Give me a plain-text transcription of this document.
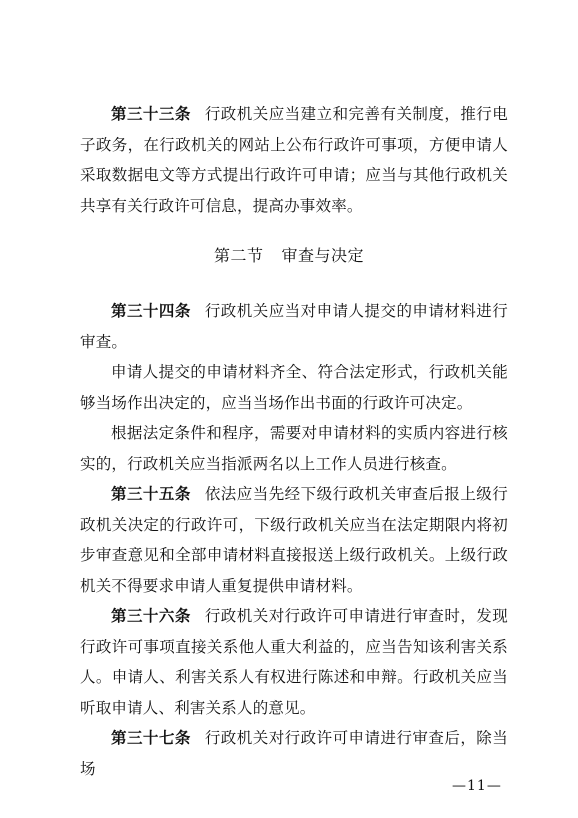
第三十三条 行政机关应当建立和完善有关制度，推行电子政务，在行政机关的网站上公布行政许可事项，方便申请人采取数据电文等方式提出行政许可申请；应当与其他行政机关共享有关行政许可信息，提高办事效率。

第二节 审查与决定

第三十四条 行政机关应当对申请人提交的申请材料进行审查。

申请人提交的申请材料齐全、符合法定形式，行政机关能够当场作出决定的，应当当场作出书面的行政许可决定。

根据法定条件和程序，需要对申请材料的实质内容进行核实的，行政机关应当指派两名以上工作人员进行核查。

第三十五条 依法应当先经下级行政机关审查后报上级行政机关决定的行政许可，下级行政机关应当在法定期限内将初步审查意见和全部申请材料直接报送上级行政机关。上级行政机关不得要求申请人重复提供申请材料。

第三十六条 行政机关对行政许可申请进行审查时，发现行政许可事项直接关系他人重大利益的，应当告知该利害关系人。申请人、利害关系人有权进行陈述和申辩。行政机关应当听取申请人、利害关系人的意见。

第三十七条 行政机关对行政许可申请进行审查后，除当场

—11—
